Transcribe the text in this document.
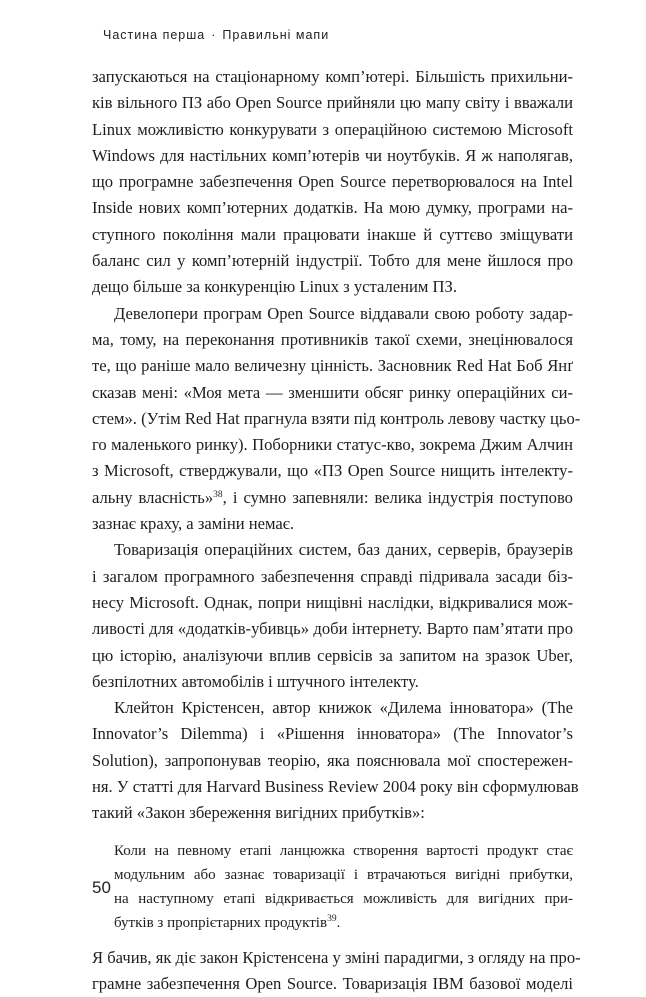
Частина перша · Правильні мапи
запускаються на стаціонарному комп’ютері. Більшість прихильни-
ків вільного ПЗ або Open Source прийняли цю мапу світу і вважали
Linux можливістю конкурувати з операційною системою Microsoft
Windows для настільних комп’ютерів чи ноутбуків. Я ж наполягав,
що програмне забезпечення Open Source перетворювалося на Intel
Inside нових комп’ютерних додатків. На мою думку, програми на-
ступного покоління мали працювати інакше й суттєво зміщувати
баланс сил у комп’ютерній індустрії. Тобто для мене йшлося про
дещо більше за конкуренцію Linux з усталеним ПЗ.
Девелопери програм Open Source віддавали свою роботу задар-
ма, тому, на переконання противників такої схеми, знецінювалося
те, що раніше мало величезну цінність. Засновник Red Hat Боб Янґ
сказав мені: «Моя мета — зменшити обсяг ринку операційних си-
стем». (Утім Red Hat прагнула взяти під контроль левову частку цьо-
го маленького ринку). Поборники статус-кво, зокрема Джим Алчин
з Microsoft, стверджували, що «ПЗ Open Source нищить інтелекту-
альну власність»$^{38}$, і сумно запевняли: велика індустрія поступово
зазнає краху, а заміни немає.
Товаризація операційних систем, баз даних, серверів, браузерів
і загалом програмного забезпечення справді підривала засади біз-
несу Microsoft. Однак, попри нищівні наслідки, відкривалися мож-
ливості для «додатків-убивць» доби інтернету. Варто пам’ятати про
цю історію, аналізуючи вплив сервісів за запитом на зразок Uber,
безпілотних автомобілів і штучного інтелекту.
Клейтон Крістенсен, автор книжок «Дилема інноватора» (The
Innovator’s Dilemma) і «Рішення інноватора» (The Innovator’s
Solution), запропонував теорію, яка пояснювала мої спостережен-
ня. У статті для Harvard Business Review 2004 року він сформулював
такий «Закон збереження вигідних прибутків»:
Коли на певному етапі ланцюжка створення вартості продукт стає
модульним або зазнає товаризації і втрачаються вигідні прибутки,
на наступному етапі відкривається можливість для вигідних при-
бутків з пропрієтарних продуктів$^{39}$.
Я бачив, як діє закон Крістенсена у зміні парадигми, з огляду на про-
грамне забезпечення Open Source. Товаризація IBM базової моделі
50
